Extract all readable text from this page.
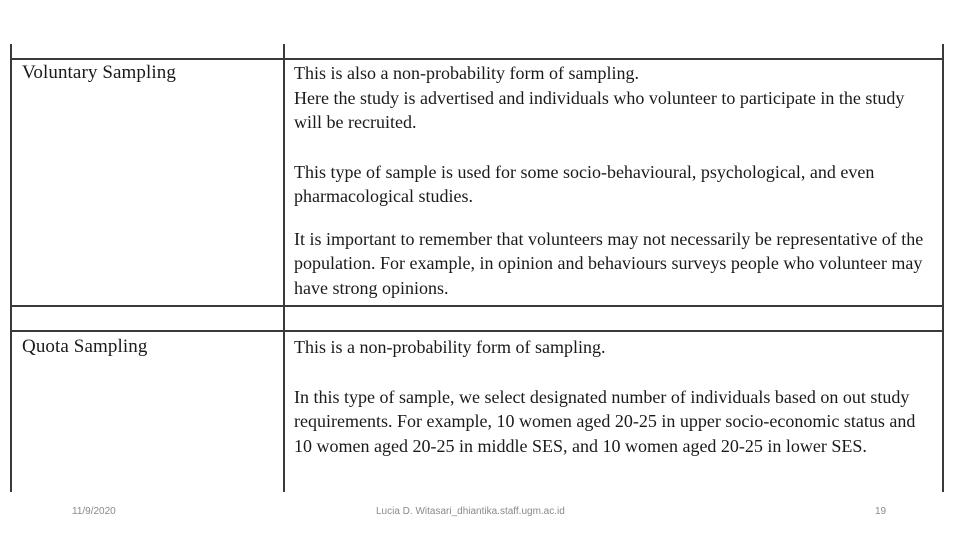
Voluntary Sampling	This is also a non-probability form of sampling.

Here the study is advertised and individuals who volunteer to participate in the study will be recruited.

This type of sample is used for some socio-behavioural, psychological, and even pharmacological studies.

It is important to remember that volunteers may not necessarily be representative of the population. For example, in opinion and behaviours surveys people who volunteer may have strong opinions.

Quota Sampling	This is a non-probability form of sampling.

In this type of sample, we select designated number of individuals based on out study requirements. For example, 10 women aged 20-25 in upper socio-economic status and 10 women aged 20-25 in middle SES, and 10 women aged 20-25 in lower SES.

11/9/2020	Lucia D. Witasari_dhiantika.staff.ugm.ac.id	19
